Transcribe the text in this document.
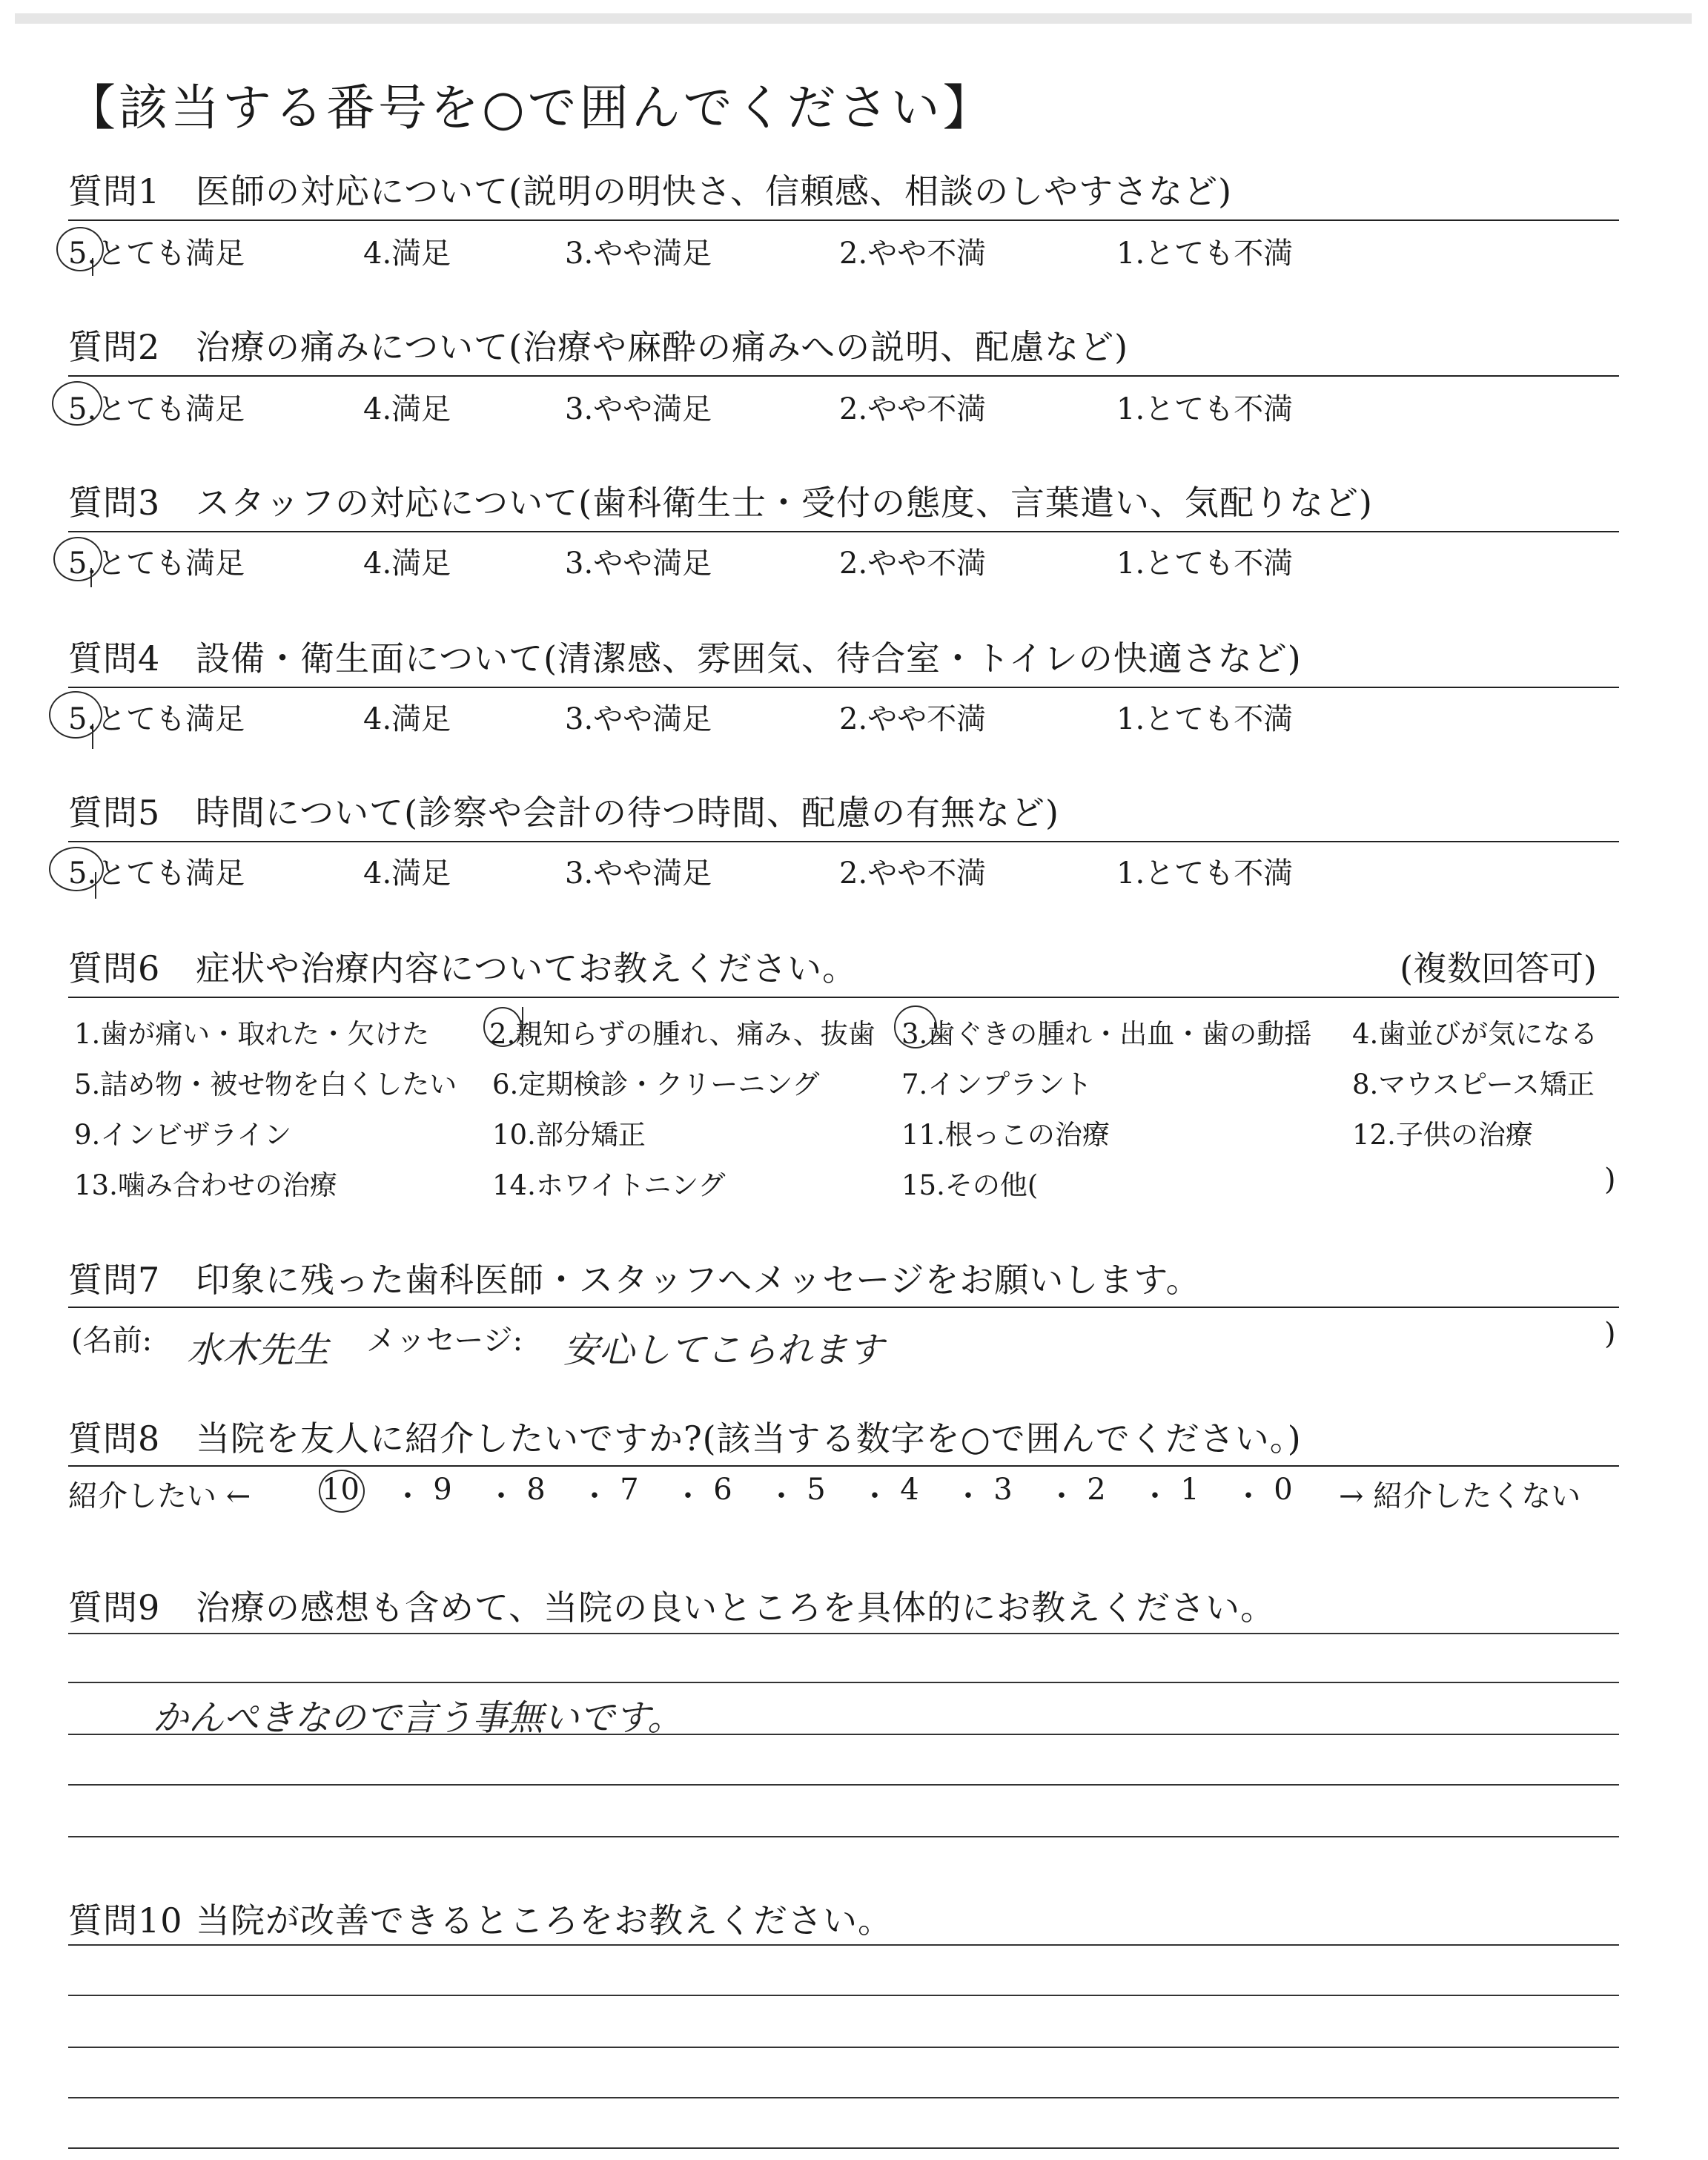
【該当する番号を○で囲んでください】
質問1 医師の対応について(説明の明快さ、信頼感、相談のしやすさなど)
5.とても満足	4.満足	3.やや満足	2.やや不満	1.とても不満
質問2 治療の痛みについて(治療や麻酔の痛みへの説明、配慮など)
5.とても満足	4.満足	3.やや満足	2.やや不満	1.とても不満
質問3 スタッフの対応について(歯科衛生士・受付の態度、言葉遣い、気配りなど)
5.とても満足	4.満足	3.やや満足	2.やや不満	1.とても不満
質問4 設備・衛生面について(清潔感、雰囲気、待合室・トイレの快適さなど)
5.とても満足	4.満足	3.やや満足	2.やや不満	1.とても不満
質問5 時間について(診察や会計の待つ時間、配慮の有無など)
5.とても満足	4.満足	3.やや満足	2.やや不満	1.とても不満
質問6 症状や治療内容についてお教えください。	(複数回答可)
1.歯が痛い・取れた・欠けた 2.親知らずの腫れ、痛み、抜歯 3.歯ぐきの腫れ・出血・歯の動揺 4.歯並びが気になる
5.詰め物・被せ物を白くしたい 6.定期検診・クリーニング	7.インプラント	8.マウスピース矯正
9.インビザライン	10.部分矯正	11.根っこの治療	12.子供の治療
13.噛み合わせの治療	14.ホワイトニング	15.その他(	)
質問7 印象に残った歯科医師・スタッフへメッセージをお願いします。
(名前: 水木先生 メッセージ: 安心してこられます	)
質問8 当院を友人に紹介したいですか?(該当する数字を○で囲んでください。)
紹介したい ← 10 ・ 9	・ 8	・ 7	・ 6	・ 5	・ 4	・ 3	・ 2	・ 1	・ 0	→ 紹介したくない
質問9 治療の感想も含めて、当院の良いところを具体的にお教えください。
かんぺきなので言う事無いです。
質問10 当院が改善できるところをお教えください。
